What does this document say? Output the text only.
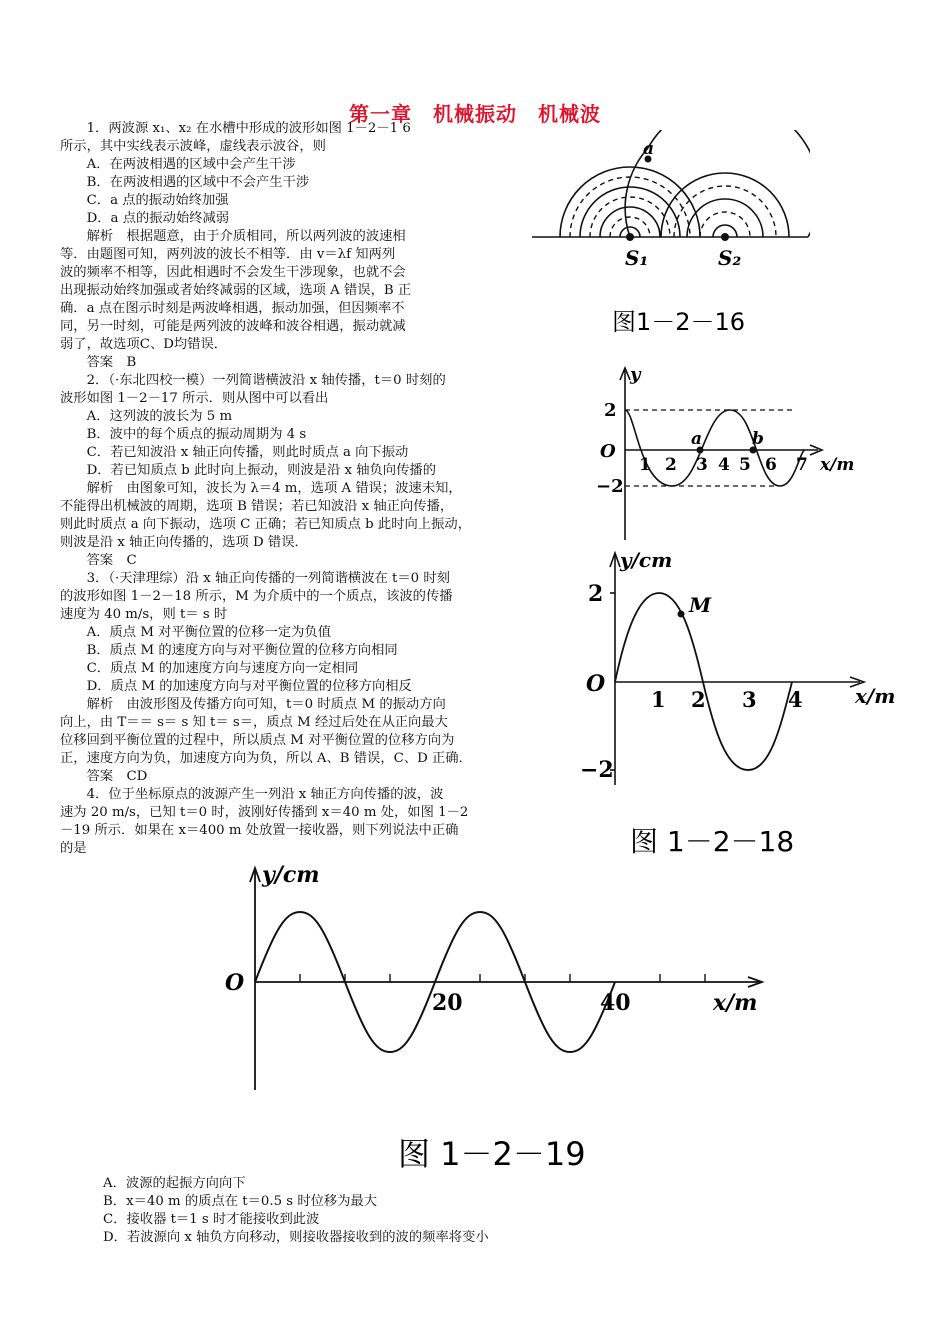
第一章　机械振动　机械波

　　1．两波源 x₁、x₂ 在水槽中形成的波形如图 1－2－1 6

所示，其中实线表示波峰，虚线表示波谷，则

　　A．在两波相遇的区域中会产生干涉

　　B．在两波相遇的区域中不会产生干涉

　　C．a 点的振动始终加强

　　D．a 点的振动始终减弱

　　解析　根据题意，由于介质相同，所以两列波的波速相

等．由题图可知，两列波的波长不相等．由 v＝λf 知两列

波的频率不相等，因此相遇时不会发生干涉现象，也就不会

出现振动始终加强或者始终减弱的区域，选项 A 错误，B 正

确．a 点在图示时刻是两波峰相遇，振动加强，但因频率不

同，另一时刻，可能是两列波的波峰和波谷相遇，振动就减

弱了，故选项C、D均错误．

　　答案　B

　　2．（·东北四校一模）一列简谐横波沿 x 轴传播，t＝0 时刻的

波形如图 1－2－17 所示．则从图中可以看出

　　A．这列波的波长为 5 m

　　B．波中的每个质点的振动周期为 4 s

　　C．若已知波沿 x 轴正向传播，则此时质点 a 向下振动

　　D．若已知质点 b 此时向上振动，则波是沿 x 轴负向传播的

　　解析　由图象可知，波长为 λ＝4 m，选项 A 错误；波速未知，

不能得出机械波的周期，选项 B 错误；若已知波沿 x 轴正向传播，

则此时质点 a 向下振动，选项 C 正确；若已知质点 b 此时向上振动，

则波是沿 x 轴正向传播的，选项 D 错误．

　　答案　C

　　3．（·天津理综）沿 x 轴正向传播的一列简谐横波在 t＝0 时刻

的波形如图 1－2－18 所示，M 为介质中的一个质点，该波的传播

速度为 40 m/s，则 t＝ s 时

　　A．质点 M 对平衡位置的位移一定为负值

　　B．质点 M 的速度方向与对平衡位置的位移方向相同

　　C．质点 M 的加速度方向与速度方向一定相同

　　D．质点 M 的加速度方向与对平衡位置的位移方向相反

　　解析　由波形图及传播方向可知，t＝0 时质点 M 的振动方向

向上，由 T＝＝ s＝ s 知 t＝ s＝，质点 M 经过后处在从正向最大

位移回到平衡位置的过程中，所以质点 M 对平衡位置的位移方向为

正，速度方向为负，加速度方向为负，所以 A、B 错误，C、D 正确．

　　答案　CD

　　4．位于坐标原点的波源产生一列沿 x 轴正方向传播的波，波

速为 20 m/s，已知 t＝0 时，波刚好传播到 x＝40 m 处，如图 1－2

－19 所示．如果在 x＝400 m 处放置一接收器，则下列说法中正确

的是

a
S₁	S₂
图1－2－16
y
2
−2
O
a	b
1 2 3 4 5 6 7 x/m
y/cm
2
−2
O
M
1 2 3 4	x/m
图 1－2－18
y/cm
O
20	40	x/m
图 1－2－19

A．波源的起振方向向下

B．x＝40 m 的质点在 t＝0.5 s 时位移为最大

C．接收器 t＝1 s 时才能接收到此波

D．若波源向 x 轴负方向移动，则接收器接收到的波的频率将变小
